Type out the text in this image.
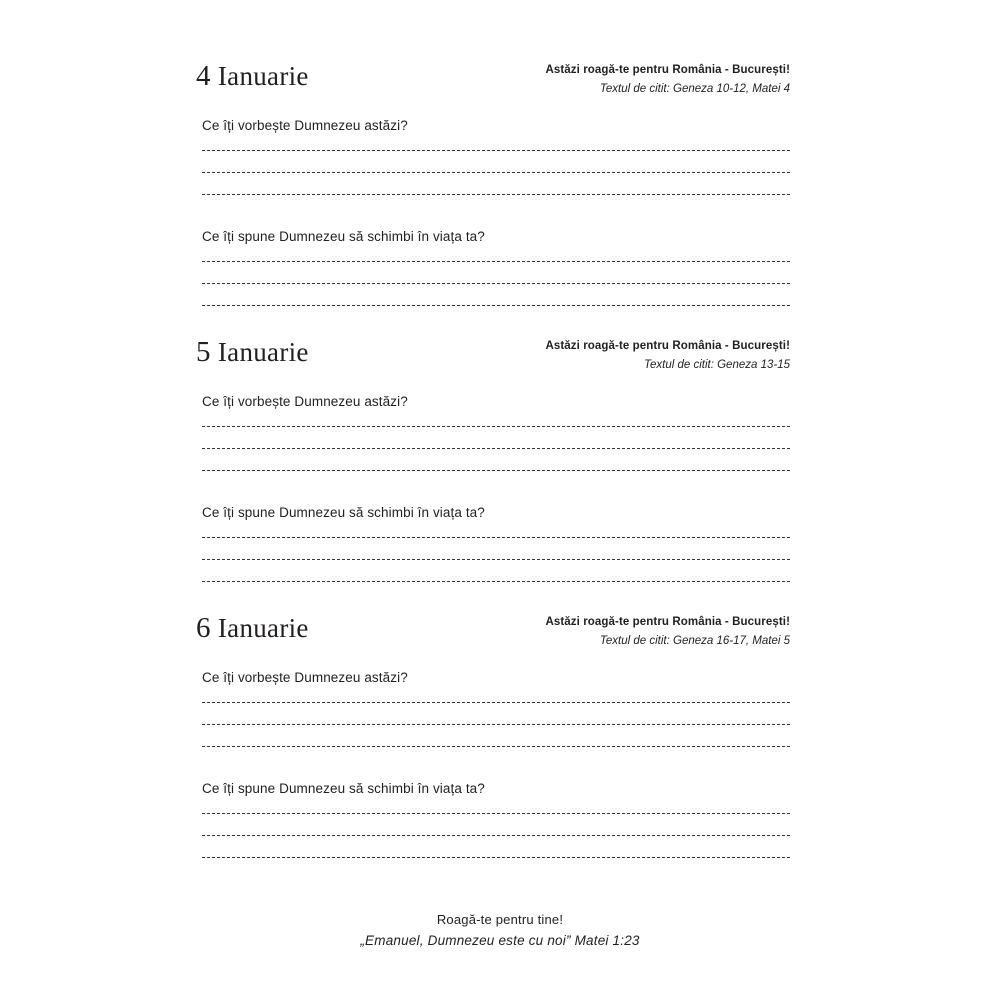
4 Ianuarie	Astăzi roagă-te pentru România - București!
Textul de citit: Geneza 10-12, Matei 4
Ce îți vorbește Dumnezeu astăzi?
Ce îți spune Dumnezeu să schimbi în viața ta?
5 Ianuarie	Astăzi roagă-te pentru România - București!
Textul de citit: Geneza 13-15
Ce îți vorbește Dumnezeu astăzi?
Ce îți spune Dumnezeu să schimbi în viața ta?
6 Ianuarie	Astăzi roagă-te pentru România - București!
Textul de citit: Geneza 16-17, Matei 5
Ce îți vorbește Dumnezeu astăzi?
Ce îți spune Dumnezeu să schimbi în viața ta?
Roagă-te pentru tine!
„Emanuel, Dumnezeu este cu noi” Matei 1:23
